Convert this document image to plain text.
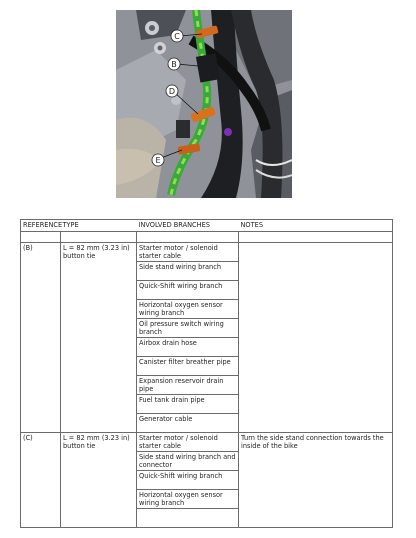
C
B
D
E
REFERENCE	TYPE	INVOLVED BRANCHES	NOTES

(B)	L = 82 mm (3.23 in) button tie	Starter motor / solenoid starter cable	
		Side stand wiring branch	
		Quick-Shift wiring branch	
		Horizontal oxygen sensor wiring branch	
		Oil pressure switch wiring branch	
		Airbox drain hose	
		Canister filter breather pipe	
		Expansion reservoir drain pipe	
		Fuel tank drain pipe	
		Generator cable	
(C)	L = 82 mm (3.23 in) button tie	Starter motor / solenoid starter cable	Turn the side stand connection towards the inside of the bike
		Side stand wiring branch and connector	
		Quick-Shift wiring branch	
		Horizontal oxygen sensor wiring branch	
